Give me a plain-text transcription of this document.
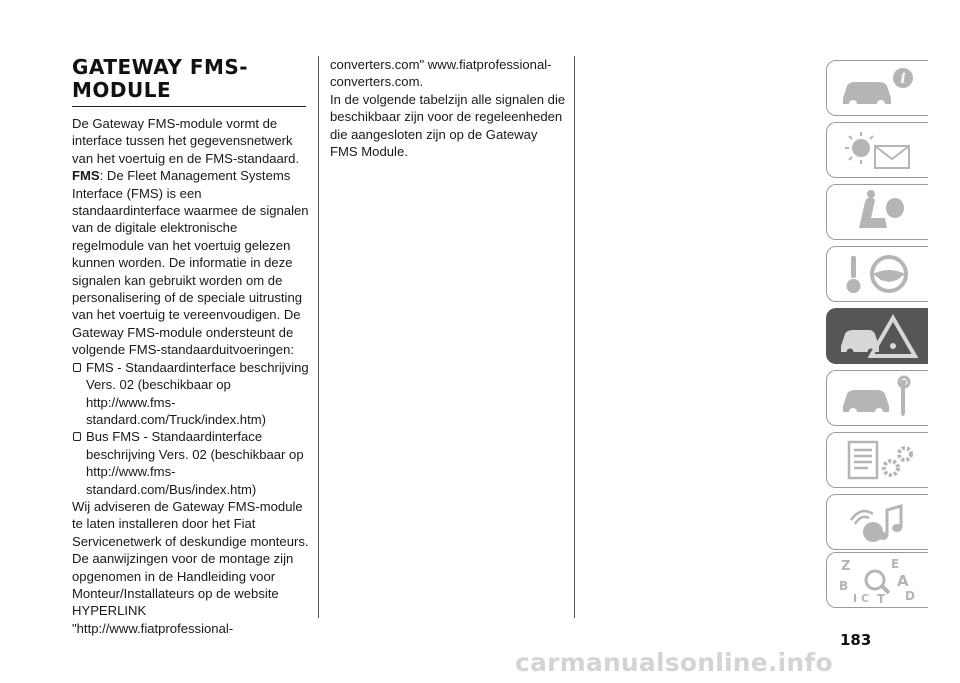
GATEWAY FMS-MODULE

De Gateway FMS-module vormt de interface tussen het gegevensnetwerk van het voertuig en de FMS-standaard.

FMS: De Fleet Management Systems Interface (FMS) is een standaardinterface waarmee de signalen van de digitale elektronische regelmodule van het voertuig gelezen kunnen worden. De informatie in deze signalen kan gebruikt worden om de personalisering of de speciale uitrusting van het voertuig te vereenvoudigen. De Gateway FMS-module ondersteunt de volgende FMS-standaarduitvoeringen:

FMS - Standaardinterface beschrijving Vers. 02 (beschikbaar op http://www.fms-standard.com/Truck/index.htm)
Bus FMS - Standaardinterface beschrijving Vers. 02 (beschikbaar op http://www.fms-standard.com/Bus/index.htm)

Wij adviseren de Gateway FMS-module te laten installeren door het Fiat Servicenetwerk of deskundige monteurs. De aanwijzingen voor de montage zijn opgenomen in de Handleiding voor Monteur/Installateurs op de website HYPERLINK "http://www.fiatprofessional-

converters.com" www.fiatprofessional-converters.com.

In de volgende tabelzijn alle signalen die beschikbaar zijn voor de regeleenheden die aangesloten zijn op de Gateway FMS Module.

i
Z	E
B	A
I C T D
183
carmanualsonline.info
